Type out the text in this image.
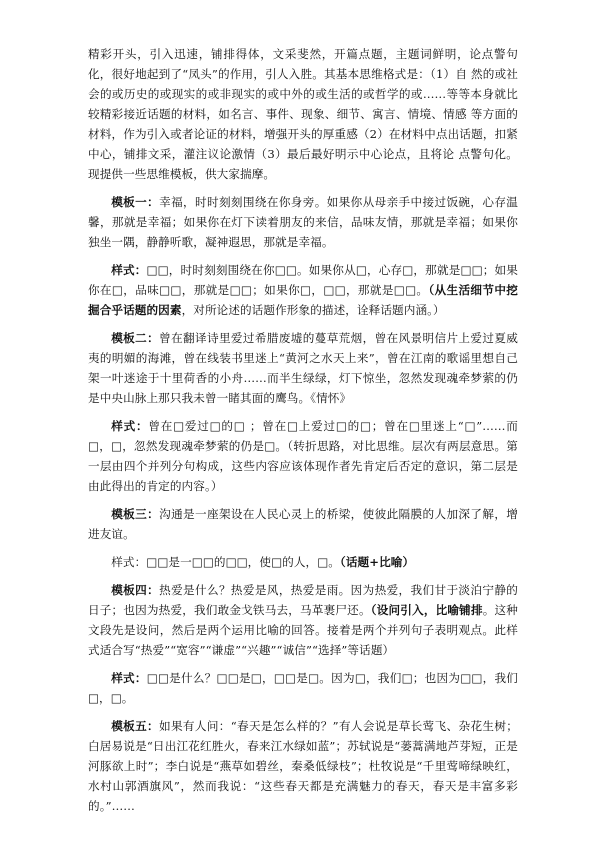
精彩开头，引入迅速，铺排得体，文采斐然，开篇点题，主题词鲜明，论点警句化，很好地起到了“凤头”的作用，引人入胜。其基本思维格式是：（1）自 然的或社会的或历史的或现实的或非现实的或中外的或生活的或哲学的或……等等本身就比较精彩接近话题的材料，如名言、事件、现象、细节、寓言、情境、情感 等方面的材料，作为引入或者论证的材料，增强开头的厚重感（2）在材料中点出话题，扣紧中心，铺排文采，灌注议论激情（3）最后最好明示中心论点，且将论 点警句化。现提供一些思维模板，供大家揣摩。

模板一：幸福，时时刻刻围绕在你身旁。如果你从母亲手中接过饭碗，心存温馨，那就是幸福；如果你在灯下读着朋友的来信，品味友情，那就是幸福；如果你独坐一隅，静静听歌，凝神遐思，那就是幸福。

样式：□□，时时刻刻围绕在你□□。如果你从□，心存□，那就是□□；如果你在□，品味□□，那就是□□；如果你□，□□，那就是□□。（从生活细节中挖掘合乎话题的因素，对所论述的话题作形象的描述，诠释话题内涵。）

模板二：曾在翻译诗里爱过希腊废墟的蔓草荒烟，曾在风景明信片上爱过夏威夷的明媚的海滩，曾在线装书里迷上“黄河之水天上来”，曾在江南的歌谣里想自己架一叶迷途于十里荷香的小舟……而半生绿绿，灯下惊坐，忽然发现魂牵梦萦的仍是中央山脉上那只我未曾一睹其面的鹰鸟。《情怀》

样式：曾在□爱过□的□ ；曾在□上爱过□的□；曾在□里迷上“□”……而□，□，忽然发现魂牵梦萦的仍是□。（转折思路，对比思维。层次有两层意思。第一层由四个并列分句构成，这些内容应该体现作者先肯定后否定的意识，第二层是由此得出的肯定的内容。）

模板三：沟通是一座架设在人民心灵上的桥梁，使彼此隔膜的人加深了解，增进友谊。

样式：□□是一□□的□□，使□的人，□。（话题+比喻）

模板四：热爱是什么？热爱是风，热爱是雨。因为热爱，我们甘于淡泊宁静的日子；也因为热爱，我们敢金戈铁马去，马革裹尸还。（设问引入，比喻铺排。这种文段先是设问，然后是两个运用比喻的回答。接着是两个并列句子表明观点。此样式适合写“热爱”“宽容”“谦虚”“兴趣”“诚信”“选择”等话题）

样式：□□是什么？□□是□，□□是□。因为□，我们□；也因为□□，我们□，□。

模板五：如果有人问：“春天是怎么样的？”有人会说是草长莺飞、杂花生树；白居易说是“日出江花红胜火，春来江水绿如蓝”；苏轼说是“蒌蒿满地芦芽短，正是河豚欲上时”；李白说是“燕草如碧丝，秦桑低绿枝”；杜牧说是“千里莺啼绿映红，水村山郭酒旗风”，然而我说：“这些春天都是充满魅力的春天，春天是丰富多彩的。”……
